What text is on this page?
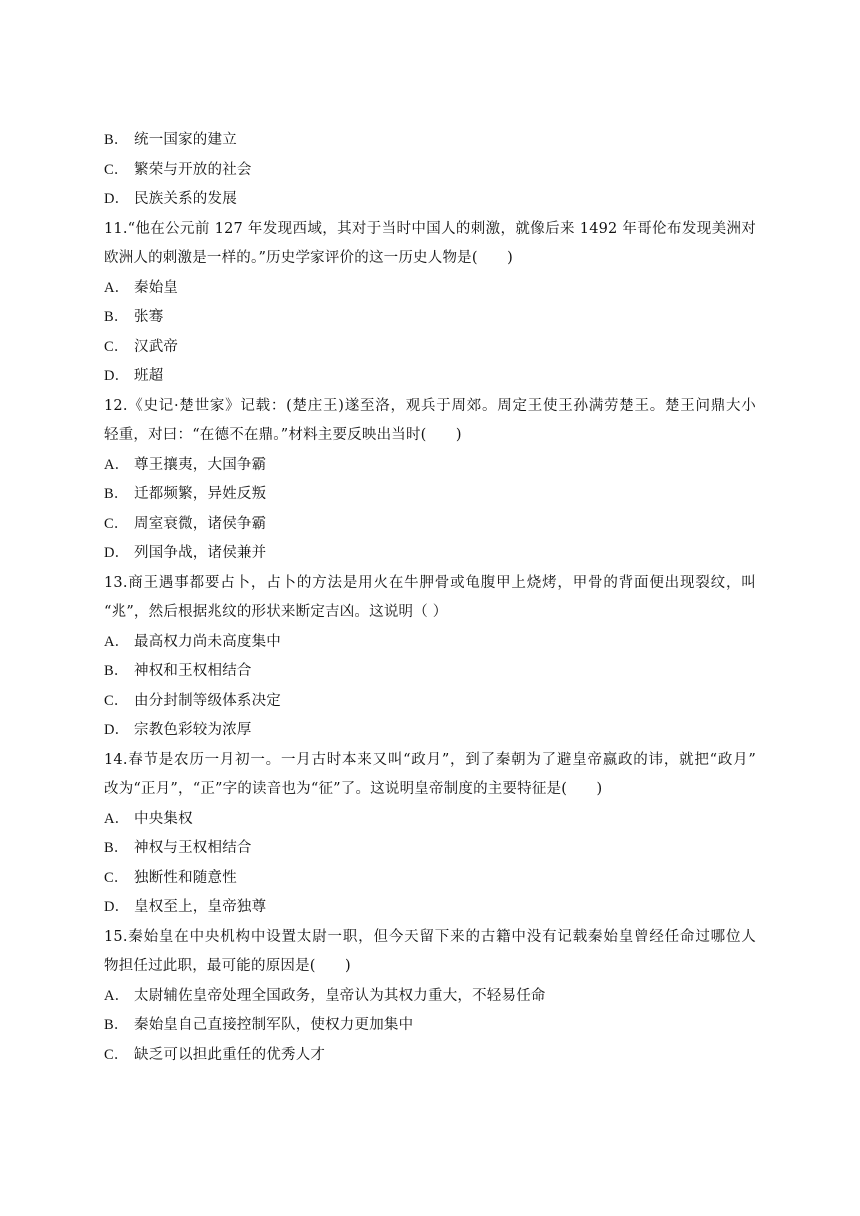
B． 统一国家的建立
C． 繁荣与开放的社会
D． 民族关系的发展
11.“他在公元前 127 年发现西域，其对于当时中国人的刺激，就像后来 1492 年哥伦布发现美洲对
欧洲人的刺激是一样的。”历史学家评价的这一历史人物是(　　)
A． 秦始皇
B． 张骞
C． 汉武帝
D． 班超
12.《史记·楚世家》记载：(楚庄王)遂至洛，观兵于周郊。周定王使王孙满劳楚王。楚王问鼎大小
轻重，对曰：“在德不在鼎。”材料主要反映出当时(　　)
A． 尊王攘夷，大国争霸
B． 迁都频繁，异姓反叛
C． 周室衰微，诸侯争霸
D． 列国争战，诸侯兼并
13.商王遇事都要占卜，占卜的方法是用火在牛胛骨或龟腹甲上烧烤，甲骨的背面便出现裂纹，叫
“兆”，然后根据兆纹的形状来断定吉凶。这说明（ ）
A． 最高权力尚未高度集中
B． 神权和王权相结合
C． 由分封制等级体系决定
D． 宗教色彩较为浓厚
14.春节是农历一月初一。一月古时本来又叫“政月”，到了秦朝为了避皇帝嬴政的讳，就把“政月”
改为“正月”，“正”字的读音也为“征”了。这说明皇帝制度的主要特征是(　　)
A． 中央集权
B． 神权与王权相结合
C． 独断性和随意性
D． 皇权至上，皇帝独尊
15.秦始皇在中央机构中设置太尉一职，但今天留下来的古籍中没有记载秦始皇曾经任命过哪位人
物担任过此职，最可能的原因是(　　)
A． 太尉辅佐皇帝处理全国政务，皇帝认为其权力重大，不轻易任命
B． 秦始皇自己直接控制军队，使权力更加集中
C． 缺乏可以担此重任的优秀人才
